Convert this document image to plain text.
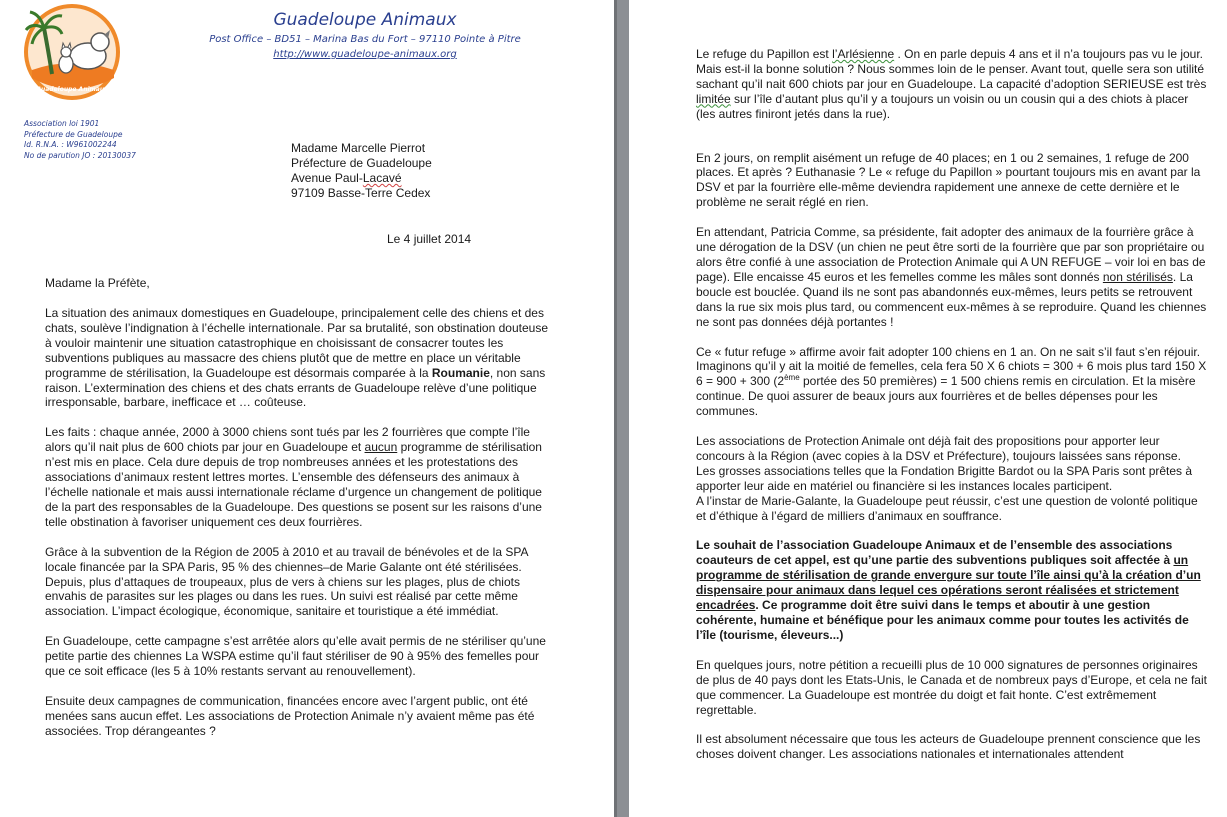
Guadeloupe Animaux
Guadeloupe Animaux
Post Office – BD51 – Marina Bas du Fort – 97110 Pointe à Pitre
http://www.guadeloupe-animaux.org
Association loi 1901
Préfecture de Guadeloupe
Id. R.N.A. : W961002244
No de parution JO : 20130037	Madame Marcelle Pierrot
Préfecture de Guadeloupe
Avenue Paul-Lacavé
97109 Basse-Terre Cedex
Le 4 juillet 2014
Madame la Préfète,

La situation des animaux domestiques en Guadeloupe, principalement celle des chiens et des chats, soulève l’indignation à l’échelle internationale. Par sa brutalité, son obstination douteuse à vouloir maintenir une situation catastrophique en choisissant de consacrer toutes les subventions publiques au massacre des chiens plutôt que de mettre en place un véritable programme de stérilisation, la Guadeloupe est désormais comparée à la Roumanie, non sans raison. L’extermination des chiens et des chats errants de Guadeloupe relève d’une politique irresponsable, barbare, inefficace et … coûteuse.

Les faits : chaque année, 2000 à 3000 chiens sont tués par les 2 fourrières que compte l’île alors qu’il nait plus de 600 chiots par jour en Guadeloupe et aucun programme de stérilisation n’est mis en place. Cela dure depuis de trop nombreuses années et les protestations des associations d’animaux restent lettres mortes. L’ensemble des défenseurs des animaux à l’échelle nationale et mais aussi internationale réclame d’urgence un changement de politique de la part des responsables de la Guadeloupe. Des questions se posent sur les raisons d’une telle obstination à favoriser uniquement ces deux fourrières.

Grâce à la subvention de la Région de 2005 à 2010 et au travail de bénévoles et de la SPA locale financée par la SPA Paris, 95 % des chiennes–de Marie Galante ont été stérilisées. Depuis, plus d’attaques de troupeaux, plus de vers à chiens sur les plages, plus de chiots envahis de parasites sur les plages ou dans les rues. Un suivi est réalisé par cette même association. L’impact écologique, économique, sanitaire et touristique a été immédiat.

En Guadeloupe, cette campagne s’est arrêtée alors qu’elle avait permis de ne stériliser qu’une petite partie des chiennes La WSPA estime qu’il faut stériliser de 90 à 95% des femelles pour que ce soit efficace (les 5 à 10% restants servant au renouvellement).

Ensuite deux campagnes de communication, financées encore avec l’argent public, ont été menées sans aucun effet. Les associations de Protection Animale n’y avaient même pas été associées. Trop dérangeantes ?

Le refuge du Papillon est l’Arlésienne . On en parle depuis 4 ans et il n’a toujours pas vu le jour. Mais est-il la bonne solution ? Nous sommes loin de le penser. Avant tout, quelle sera son utilité sachant qu’il nait 600 chiots par jour en Guadeloupe. La capacité d’adoption SERIEUSE est très
limitée sur l’île d’autant plus qu’il y a toujours un voisin ou un cousin qui a des chiots à placer (les autres finiront jetés dans la rue).

En 2 jours, on remplit aisément un refuge de 40 places; en 1 ou 2 semaines, 1 refuge de 200 places. Et après ? Euthanasie ? Le « refuge du Papillon » pourtant toujours mis en avant par la DSV et par la fourrière elle-même deviendra rapidement une annexe de cette dernière et le problème ne serait réglé en rien.

En attendant, Patricia Comme, sa présidente, fait adopter des animaux de la fourrière grâce à une dérogation de la DSV (un chien ne peut être sorti de la fourrière que par son propriétaire ou alors être confié à une association de Protection Animale qui A UN REFUGE – voir loi en bas de page). Elle encaisse 45 euros et les femelles comme les mâles sont donnés non stérilisés. La boucle est bouclée. Quand ils ne sont pas abandonnés eux-mêmes, leurs petits se retrouvent dans la rue six mois plus tard, ou commencent eux-mêmes à se reproduire. Quand les chiennes ne sont pas données déjà portantes !

Ce « futur refuge » affirme avoir fait adopter 100 chiens en 1 an. On ne sait s’il faut s’en réjouir. Imaginons qu’il y ait la moitié de femelles, cela fera 50 X 6 chiots = 300 + 6 mois plus tard 150 X 6 = 900 + 300 (2ème portée des 50 premières) = 1 500 chiens remis en circulation. Et la misère continue. De quoi assurer de beaux jours aux fourrières et de belles dépenses pour les communes.

Les associations de Protection Animale ont déjà fait des propositions pour apporter leur concours à la Région (avec copies à la DSV et Préfecture), toujours laissées sans réponse.
Les grosses associations telles que la Fondation Brigitte Bardot ou la SPA Paris sont prêtes à apporter leur aide en matériel ou financière si les instances locales participent.
A l’instar de Marie-Galante, la Guadeloupe peut réussir, c’est une question de volonté politique et d’éthique à l’égard de milliers d’animaux en souffrance.

Le souhait de l’association Guadeloupe Animaux et de l’ensemble des associations coauteurs de cet appel, est qu’une partie des subventions publiques soit affectée à un programme de stérilisation de grande envergure sur toute l’île ainsi qu’à la création d’un dispensaire pour animaux dans lequel ces opérations seront réalisées et strictement encadrées. Ce programme doit être suivi dans le temps et aboutir à une gestion cohérente, humaine et bénéfique pour les animaux comme pour toutes les activités de l’île (tourisme, éleveurs...)

En quelques jours, notre pétition a recueilli plus de 10 000 signatures de personnes originaires de plus de 40 pays dont les Etats-Unis, le Canada et de nombreux pays d’Europe, et cela ne fait que commencer. La Guadeloupe est montrée du doigt et fait honte. C’est extrêmement regrettable.

Il est absolument nécessaire que tous les acteurs de Guadeloupe prennent conscience que les choses doivent changer. Les associations nationales et internationales attendent
